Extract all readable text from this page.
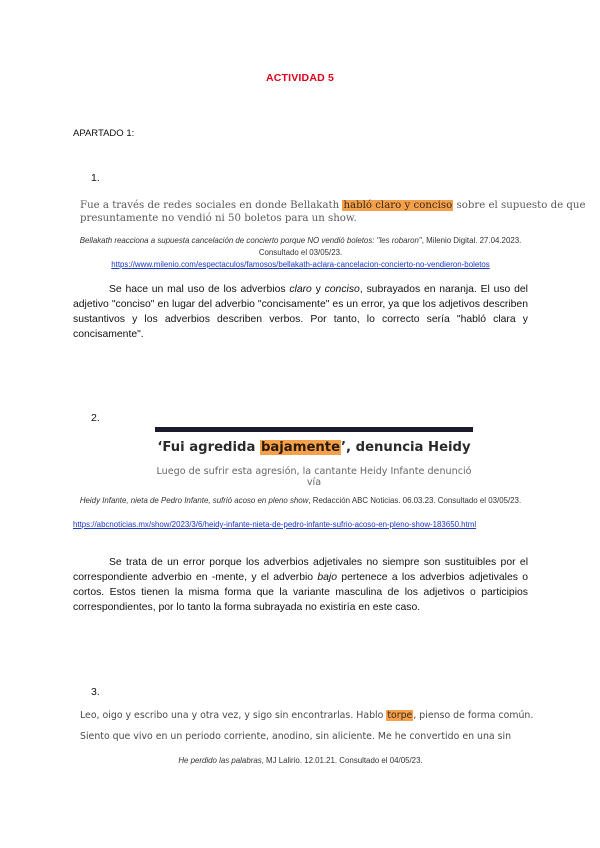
ACTIVIDAD 5
APARTADO 1:
1.
Fue a través de redes sociales en donde Bellakath habló claro y conciso sobre el supuesto de que
presuntamente no vendió ni 50 boletos para un show.
Bellakath reacciona a supuesta cancelación de concierto porque NO vendió boletos: "les robaron", Milenio Digital. 27.04.2023. Consultado el 03/05/23.
https://www.milenio.com/espectaculos/famosos/bellakath-aclara-cancelacion-concierto-no-vendieron-boletos
Se hace un mal uso de los adverbios claro y conciso, subrayados en naranja. El uso del adjetivo "conciso" en lugar del adverbio "concisamente" es un error, ya que los adjetivos describen sustantivos y los adverbios describen verbos. Por tanto, lo correcto sería "habló clara y concisamente".
2.
‘Fui agredida bajamente’, denuncia Heidy
Luego de sufrir esta agresión, la cantante Heidy Infante denunció vía
Heidy Infante, nieta de Pedro Infante, sufrió acoso en pleno show, Redacción ABC Noticias. 06.03.23. Consultado el 03/05/23.
https://abcnoticias.mx/show/2023/3/6/heidy-infante-nieta-de-pedro-infante-sufrio-acoso-en-pleno-show-183650.html
Se trata de un error porque los adverbios adjetivales no siempre son sustituibles por el correspondiente adverbio en -mente, y el adverbio bajo pertenece a los adverbios adjetivales o cortos. Estos tienen la misma forma que la variante masculina de los adjetivos o participios correspondientes, por lo tanto la forma subrayada no existiría en este caso.
3.
Leo, oigo y escribo una y otra vez, y sigo sin encontrarlas. Hablo torpe, pienso de forma común.
Siento que vivo en un periodo corriente, anodino, sin aliciente. Me he convertido en una sin
He perdido las palabras, MJ Lalirio. 12.01.21. Consultado el 04/05/23.
